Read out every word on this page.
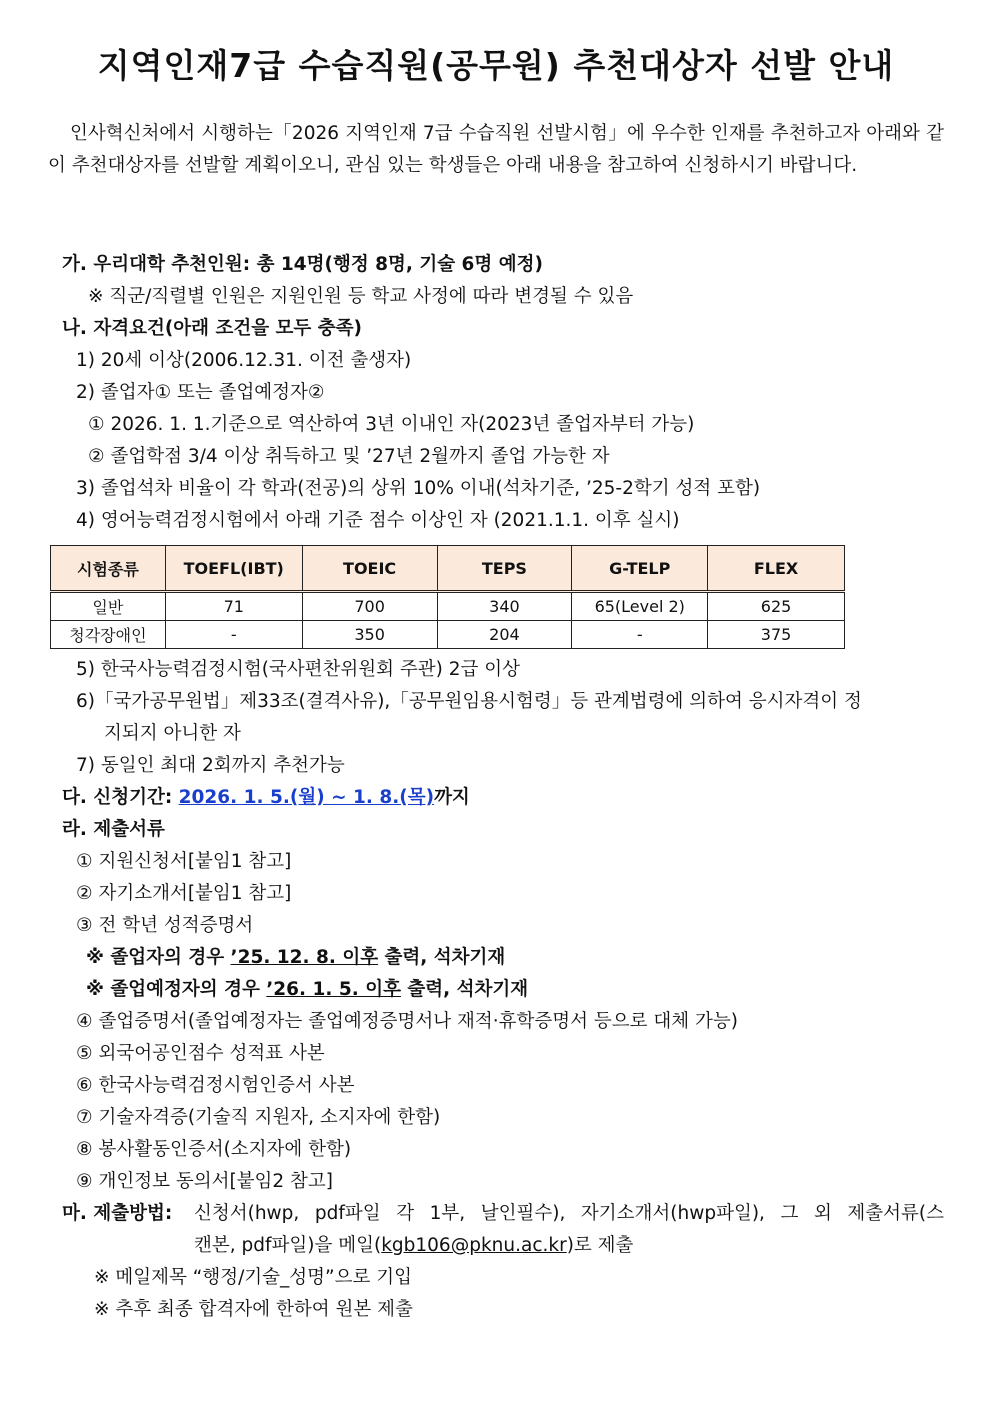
지역인재7급 수습직원(공무원) 추천대상자 선발 안내
인사혁신처에서 시행하는「2026 지역인재 7급 수습직원 선발시험」에 우수한 인재를 추천하고자 아래와 같이 추천대상자를 선발할 계획이오니, 관심 있는 학생들은 아래 내용을 참고하여 신청하시기 바랍니다.
가. 우리대학 추천인원: 총 14명(행정 8명, 기술 6명 예정)
※ 직군/직렬별 인원은 지원인원 등 학교 사정에 따라 변경될 수 있음
나. 자격요건(아래 조건을 모두 충족)
1) 20세 이상(2006.12.31. 이전 출생자)
2) 졸업자① 또는 졸업예정자②
① 2026. 1. 1.기준으로 역산하여 3년 이내인 자(2023년 졸업자부터 가능)
② 졸업학점 3/4 이상 취득하고 및 ’27년 2월까지 졸업 가능한 자
3) 졸업석차 비율이 각 학과(전공)의 상위 10% 이내(석차기준, ’25-2학기 성적 포함)
4) 영어능력검정시험에서 아래 기준 점수 이상인 자 (2021.1.1. 이후 실시)
시험종류	TOEFL(IBT)	TOEIC	TEPS	G-TELP	FLEX
일반	71	700	340	65(Level 2)	625
청각장애인	-	350	204	-	375
5) 한국사능력검정시험(국사편찬위원회 주관) 2급 이상
6)「국가공무원법」제33조(결격사유),「공무원임용시험령」등 관계법령에 의하여 응시자격이 정
지되지 아니한 자
7) 동일인 최대 2회까지 추천가능
다. 신청기간: 2026. 1. 5.(월) ~ 1. 8.(목)까지
라. 제출서류
① 지원신청서[붙임1 참고]
② 자기소개서[붙임1 참고]
③ 전 학년 성적증명서
※ 졸업자의 경우 ’25. 12. 8. 이후 출력, 석차기재
※ 졸업예정자의 경우 ’26. 1. 5. 이후 출력, 석차기재
④ 졸업증명서(졸업예정자는 졸업예정증명서나 재적·휴학증명서 등으로 대체 가능)
⑤ 외국어공인점수 성적표 사본
⑥ 한국사능력검정시험인증서 사본
⑦ 기술자격증(기술직 지원자, 소지자에 한함)
⑧ 봉사활동인증서(소지자에 한함)
⑨ 개인정보 동의서[붙임2 참고]
마. 제출방법: 신청서(hwp, pdf파일 각 1부, 날인필수), 자기소개서(hwp파일), 그 외 제출서류(스
캔본, pdf파일)을 메일(kgb106@pknu.ac.kr)로 제출
※ 메일제목 “행정/기술_성명”으로 기입
※ 추후 최종 합격자에 한하여 원본 제출
